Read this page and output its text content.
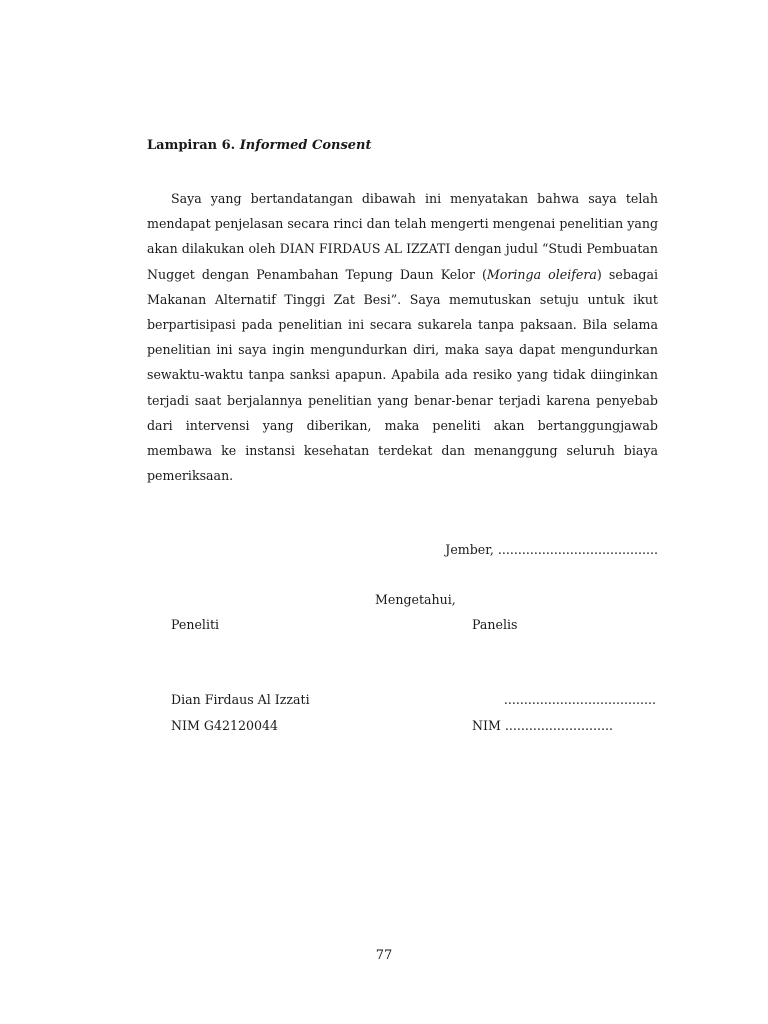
Lampiran 6. Informed Consent

Saya yang bertandatangan dibawah ini menyatakan bahwa saya telah mendapat penjelasan secara rinci dan telah mengerti mengenai penelitian yang akan dilakukan oleh DIAN FIRDAUS AL IZZATI dengan judul “Studi Pembuatan Nugget dengan Penambahan Tepung Daun Kelor (Moringa oleifera) sebagai Makanan Alternatif Tinggi Zat Besi”. Saya memutuskan setuju untuk ikut berpartisipasi pada penelitian ini secara sukarela tanpa paksaan. Bila selama penelitian ini saya ingin mengundurkan diri, maka saya dapat mengundurkan sewaktu-waktu tanpa sanksi apapun. Apabila ada resiko yang tidak diinginkan terjadi saat berjalannya penelitian yang benar-benar terjadi karena penyebab dari intervensi yang diberikan, maka peneliti akan bertanggungjawab membawa ke instansi kesehatan terdekat dan menanggung seluruh biaya pemeriksaan.

Jember, ........................................
Mengetahui,
Peneliti	Panelis
Dian Firdaus Al Izzati	......................................
NIM G42120044	NIM ...........................
77
